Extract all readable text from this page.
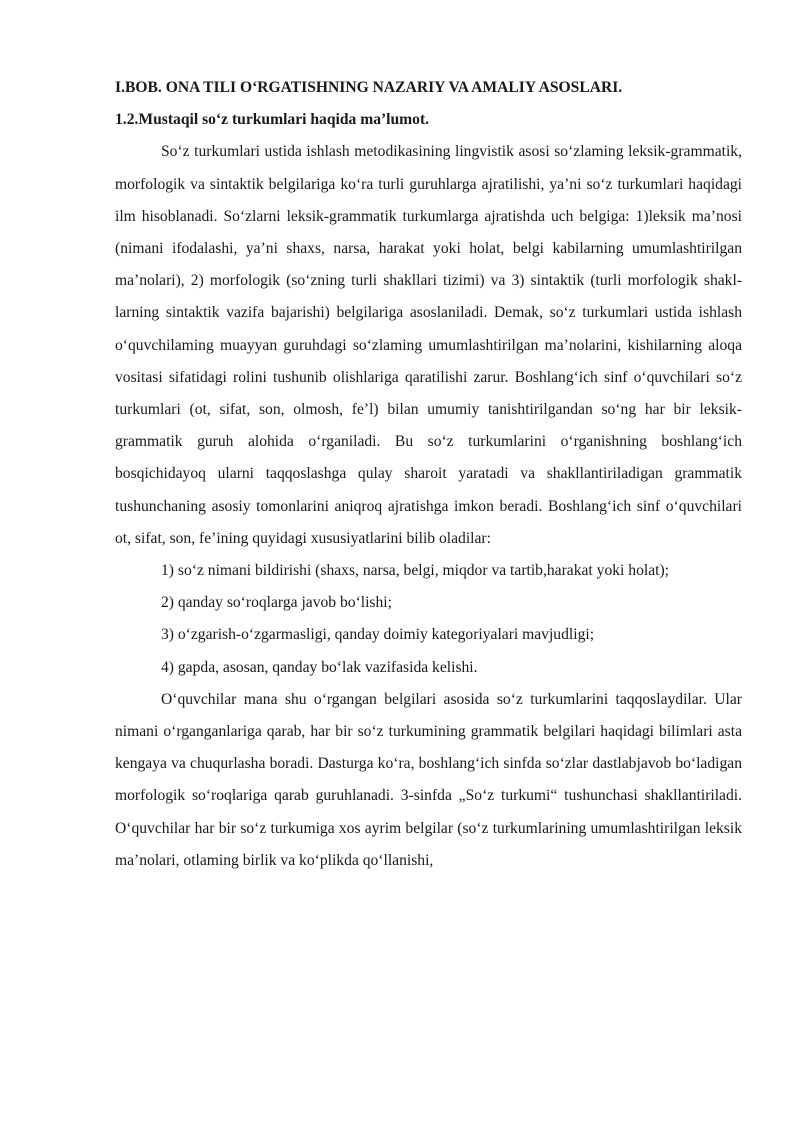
I.BOB. ONA TILI O‘RGATISHNING NAZARIY VA AMALIY ASOSLARI.

1.2.Mustaqil so‘z turkumlari haqida ma’lumot.

So‘z turkumlari ustida ishlash metodikasining lingvistik asosi so‘zlaming leksik-grammatik, morfologik va sintaktik belgilariga ko‘ra turli guruhlarga ajratilishi, ya’ni so‘z turkumlari haqidagi ilm hisoblanadi. So‘zlarni leksik-grammatik turkumlarga ajratishda uch belgiga: 1)leksik ma’nosi (nimani ifodalashi, ya’ni shaxs, narsa, harakat yoki holat, belgi kabilarning umumlashtirilgan ma’nolari), 2) morfologik (so‘zning turli shakllari tizimi) va 3) sintaktik (turli morfologik shakl- larning sintaktik vazifa bajarishi) belgilariga asoslaniladi. Demak, so‘z turkumlari ustida ishlash o‘quvchilaming muayyan guruhdagi so‘zlaming umumlashtirilgan ma’nolarini, kishilarning aloqa vositasi sifatidagi rolini tushunib olishlariga qaratilishi zarur. Boshlang‘ich sinf o‘quvchilari so‘z turkumlari (ot, sifat, son, olmosh, fe’l) bilan umumiy tanishtirilgandan so‘ng har bir leksik-grammatik guruh alohida o‘rganiladi. Bu so‘z turkumlarini o‘rganishning boshlang‘ich bosqichidayoq ularni taqqoslashga qulay sharoit yaratadi va shakllantiriladigan grammatik tushunchaning asosiy tomonlarini aniqroq ajratishga imkon beradi. Boshlang‘ich sinf o‘quvchilari ot, sifat, son, fe’ining quyidagi xususiyatlarini bilib oladilar:

1) so‘z nimani bildirishi (shaxs, narsa, belgi, miqdor va tartib,harakat yoki holat);

2) qanday so‘roqlarga javob bo‘lishi;

3) o‘zgarish-o‘zgarmasligi, qanday doimiy kategoriyalari mavjudligi;

4) gapda, asosan, qanday bo‘lak vazifasida kelishi.

O‘quvchilar mana shu o‘rgangan belgilari asosida so‘z turkumlarini taqqoslaydilar. Ular nimani o‘rganganlariga qarab, har bir so‘z turkumining grammatik belgilari haqidagi bilimlari asta kengaya va chuqurlasha boradi. Dasturga ko‘ra, boshlang‘ich sinfda so‘zlar dastlabjavob bo‘ladigan morfologik so‘roqlariga qarab guruhlanadi. 3-sinfda „So‘z turkumi“ tushunchasi shakllantiriladi. O‘quvchilar har bir so‘z turkumiga xos ayrim belgilar (so‘z turkumlarining umumlashtirilgan leksik ma’nolari, otlaming birlik va ko‘plikda qo‘llanishi,
